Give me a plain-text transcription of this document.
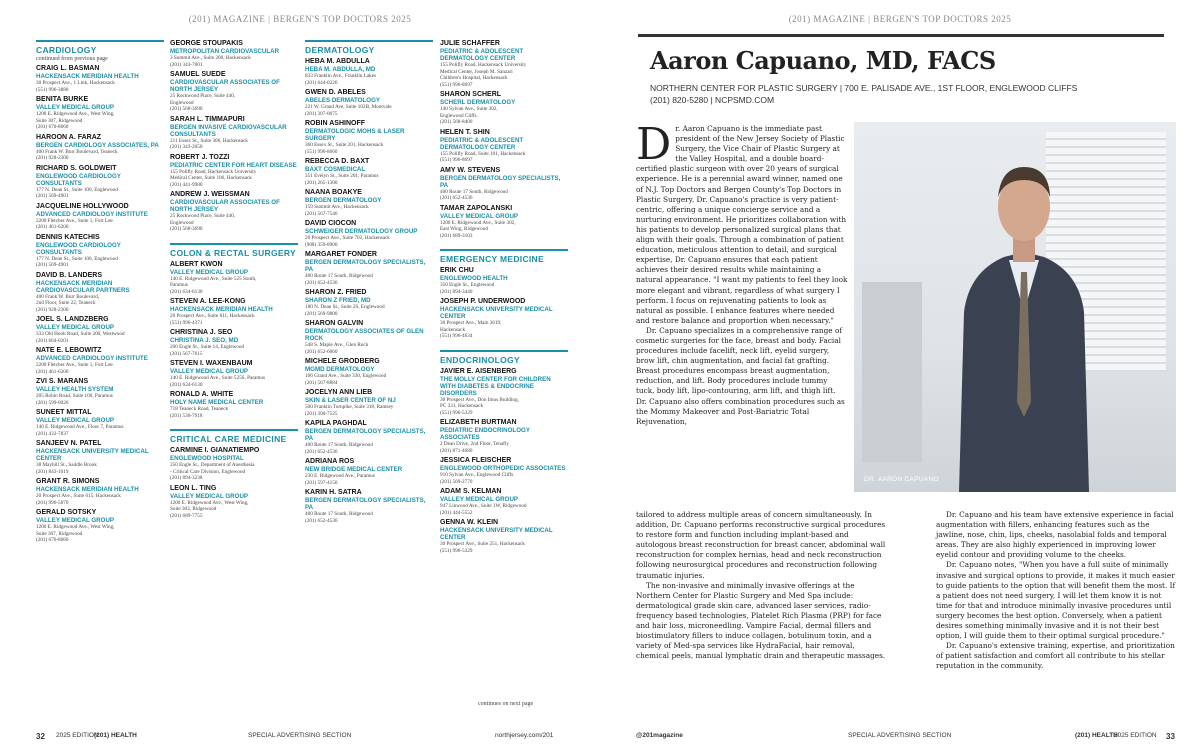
(201) MAGAZINE | BERGEN'S TOP DOCTORS 2025
CARDIOLOGY
continued from previous page
CRAIG L. BASMAN
HACKENSACK MERIDIAN HEALTH
30 Prospect Ave., 1 Link, Hackensack
(551) 996-3880
BENITA BURKE
VALLEY MEDICAL GROUP
1200 E. Ridgewood Ave., West Wing,
Suite 307, Ridgewood
(201) 670-8660
HAROON A. FARAZ
BERGEN CARDIOLOGY ASSOCIATES, PA
400 Frank W. Burr Boulevard, Teaneck
(201) 928-2300
RICHARD S. GOLDWEIT
ENGLEWOOD CARDIOLOGY CONSULTANTS
177 N. Dean St., Suite 100, Englewood
(201) 569-4901
JACQUELINE HOLLYWOOD
ADVANCED CARDIOLOGY INSTITUTE
2200 Fletcher Ave., Suite 1, Fort Lee
(201) 461-6200
DENNIS KATECHIS
ENGLEWOOD CARDIOLOGY CONSULTANTS
177 N. Dean St., Suite 100, Englewood
(201) 569-4901
DAVID B. LANDERS
HACKENSACK MERIDIAN CARDIOVASCULAR PARTNERS
400 Frank W. Burr Boulevard,
2nd Floor, Suite 22, Teaneck
(201) 928-2300
JOEL S. LANDZBERG
VALLEY MEDICAL GROUP
333 Old Hook Road, Suite 200, Westwood
(201) 664-0201
NATE E. LEBOWITZ
ADVANCED CARDIOLOGY INSTITUTE
2200 Fletcher Ave., Suite 1, Fort Lee
(201) 461-6200
ZVI S. MARANS
VALLEY HEALTH SYSTEM
205 Robin Road, Suite 100, Paramus
(201) 599-0026
SUNEET MITTAL
VALLEY MEDICAL GROUP
140 E. Ridgewood Ave., Floor 7, Paramus
(201) 432-7837
SANJEEV N. PATEL
HACKENSACK UNIVERSITY MEDICAL CENTER
38 Mayhill St., Saddle Brook
(201) 843-1019
GRANT R. SIMONS
HACKENSACK MERIDIAN HEALTH
20 Prospect Ave., Suite 615, Hackensack
(201) 996-5870
GERALD SOTSKY
VALLEY MEDICAL GROUP
1200 E. Ridgewood Ave., West Wing,
Suite 307, Ridgewood
(201) 670-8660
GEORGE STOUPAKIS
METROPOLITAN CARDIOVASCULAR
3 Summit Ave., Suite 200, Hackensack
(201) 343-7001
SAMUEL SUEDE
CARDIOVASCULAR ASSOCIATES OF NORTH JERSEY
25 Rockwood Place, Suite 440,
Englewood
(201) 568-3690
SARAH L. TIMMAPURI
BERGEN INVASIVE CARDIOVASCULAR CONSULTANTS
211 Essex St., Suite 306, Hackensack
(201) 343-2050
ROBERT J. TOZZI
PEDIATRIC CENTER FOR HEART DISEASE
155 Polifly Road, Hackensack University
Medical Center, Suite 106, Hackensack
(201) 441-9980
ANDREW J. WEISSMAN
CARDIOVASCULAR ASSOCIATES OF NORTH JERSEY
25 Rockwood Place, Suite 440,
Englewood
(201) 568-3690
COLON & RECTAL SURGERY
ALBERT KWON
VALLEY MEDICAL GROUP
140 E. Ridgewood Ave., Suite 525 South,
Paramus
(201) 634-6130
STEVEN A. LEE-KONG
HACKENSACK MERIDIAN HEALTH
20 Prospect Ave., Suite 811, Hackensack
(551) 996-4371
CHRISTINA J. SEO
CHRISTINA J. SEO, MD
200 Engle St., Suite 14, Englewood
(201) 567-7615
STEVEN I. WAXENBAUM
VALLEY MEDICAL GROUP
140 E. Ridgewood Ave., Suite 525S, Paramus
(201) 634-6130
RONALD A. WHITE
HOLY NAME MEDICAL CENTER
718 Teaneck Road, Teaneck
(201) 530-7918
CRITICAL CARE MEDICINE
CARMINE I. GIANATIEMPO
ENGLEWOOD HOSPITAL
350 Engle St., Department of Anesthesia
- Critical Care Division, Englewood
(201) 894-3238
LEON L. TING
VALLEY MEDICAL GROUP
1200 E. Ridgewood Ave., West Wing,
Suite 303, Ridgewood
(201) 689-7755
DERMATOLOGY
HEBA M. ABDULLA
HEBA M. ABDULLA, MD
833 Franklin Ave., Franklin Lakes
(201) 644-0226
GWEN D. ABELES
ABELES DERMATOLOGY
221 W. Grand Ave, Suite 102B, Montvale
(201) 307-0075
ROBIN ASHINOFF
DERMATOLOGIC MOHS & LASER SURGERY
360 Essex St., Suite 201, Hackensack
(551) 996-8660
REBECCA D. BAXT
BAXT COSMEDICAL
351 Evelyn St., Suite 201, Paramus
(201) 265-1300
NAANA BOAKYE
BERGEN DERMATOLOGY
159 Summit Ave., Hackensack
(201) 567-7546
DAVID CIOCON
SCHWEIGER DERMATOLOGY GROUP
20 Prospect Ave., Suite 702, Hackensack
(908) 359-8900
MARGARET FONDER
BERGEN DERMATOLOGY SPECIALISTS, PA
400 Route 17 South, Ridgewood
(201) 652-4536
SHARON Z. FRIED
SHARON Z FRIED, MD
180 N. Dean St., Suite 2S, Englewood
(201) 569-9800
SHARON GALVIN
DERMATOLOGY ASSOCIATES OF GLEN ROCK
548 S. Maple Ave., Glen Rock
(201) 652-6060
MICHELE GRODBERG
MGMD DERMATOLOGY
106 Grand Ave., Suite 330, Englewood
(201) 567-8884
JOCELYN ANN LIEB
SKIN & LASER CENTER OF NJ
500 Franklin Turnpike, Suite 318, Ramsey
(201) 300-7525
KAPILA PAGHDAL
BERGEN DERMATOLOGY SPECIALISTS, PA
400 Route 17 South, Ridgewood
(201) 652-4536
ADRIANA ROS
NEW BRIDGE MEDICAL CENTER
230 E. Ridgewood Ave., Paramus
(201) 597-4150
KARIN H. SATRA
BERGEN DERMATOLOGY SPECIALISTS, PA
400 Route 17 South, Ridgewood
(201) 652-4536
JULIE SCHAFFER
PEDIATRIC & ADOLESCENT DERMATOLOGY CENTER
155 Polifly Road, Hackensack University
Medical Center, Joseph M. Sanzari
Children's Hospital, Hackensack
(551) 996-8697
SHARON SCHERL
SCHERL DERMATOLOGY
140 Sylvan Ave., Suite 302,
Englewood Cliffs
(201) 568-8400
HELEN T. SHIN
PEDIATRIC & ADOLESCENT DERMATOLOGY CENTER
155 Polifly Road, Suite 101, Hackensack
(551) 996-8697
AMY W. STEVENS
BERGEN DERMATOLOGY SPECIALISTS, PA
400 Route 17 South, Ridgewood
(201) 652-4536
TAMAR ZAPOLANSKI
VALLEY MEDICAL GROUP
1200 E. Ridgewood Ave., Suite 302,
East Wing, Ridgewood
(201) 689-3103
EMERGENCY MEDICINE
ERIK CHU
ENGLEWOOD HEALTH
350 Engle St., Englewood
(201) 894-3440
JOSEPH P. UNDERWOOD
HACKENSACK UNIVERSITY MEDICAL CENTER
30 Prospect Ave., Main 3619,
Hackensack
(551) 996-4634
ENDOCRINOLOGY
JAVIER E. AISENBERG
THE MOLLY CENTER FOR CHILDREN WITH DIABETES & ENDOCRINE DISORDERS
30 Prospect Ave., Don Imus Building,
PC 331, Hackensack
(551) 996-5329
ELIZABETH BURTMAN
PEDIATRIC ENDOCRINOLOGY ASSOCIATES
2 Dean Drive, 2nd Floor, Tenafly
(201) 871-4680
JESSICA FLEISCHER
ENGLEWOOD ORTHOPEDIC ASSOCIATES
910 Sylvan Ave., Englewood Cliffs
(201) 569-2770
ADAM S. KELMAN
VALLEY MEDICAL GROUP
947 Linwood Ave., Suite 1W, Ridgewood
(201) 444-5552
GENNA W. KLEIN
HACKENSACK UNIVERSITY MEDICAL CENTER
30 Prospect Ave., Suite 251, Hackensack
(551) 996-5329
continues on next page
32 2025 EDITION
(201) HEALTH	SPECIAL ADVERTISING SECTION	northjersey.com/201
(201) MAGAZINE | BERGEN'S TOP DOCTORS 2025
Aaron Capuano, MD, FACS
NORTHERN CENTER FOR PLASTIC SURGERY | 700 E. PALISADE AVE., 1ST FLOOR, ENGLEWOOD CLIFFS
(201) 820-5280 | NCPSMD.COM
D r. Aaron Capuano is the immediate past president of the New Jersey Society of Plastic Surgery, the Vice Chair of Plastic Surgery at the Valley Hospital, and a double board-certified plastic surgeon with over 20 years of surgical experience. He is a perennial award winner, named one of N.J. Top Doctors and Bergen County's Top Doctors in Plastic Surgery. Dr. Capuano's practice is very patient-centric, offering a unique concierge service and a nurturing environment. He prioritizes collaboration with his patients to develop personalized surgical plans that align with their goals. Through a combination of patient education, meticulous attention to detail, and surgical expertise, Dr. Capuano ensures that each patient achieves their desired results while maintaining a natural appearance. "I want my patients to feel they look more elegant and vibrant, regardless of what surgery I perform. I focus on rejuvenating patients to look as natural as possible. I enhance features where needed and restore balance and proportion when necessary."

Dr. Capuano specializes in a comprehensive range of cosmetic surgeries for the face, breast and body. Facial procedures include facelift, neck lift, eyelid surgery, brow lift, chin augmentation, and facial fat grafting. Breast procedures encompass breast augmentation, reduction, and lift. Body procedures include tummy tuck, body lift, lipo-contouring, arm lift, and thigh lift. Dr. Capuano also offers combination procedures such as the Mommy Makeover and Post-Bariatric Total Rejuvenation,

DR. AARON CAPUANO

tailored to address multiple areas of concern simultaneously. In addition, Dr. Capuano performs reconstructive surgical procedures to restore form and function including implant-based and autologous breast reconstruction for breast cancer, abdominal wall reconstruction for complex hernias, head and neck reconstruction following neurosurgical procedures and reconstruction following traumatic injuries.

The non-invasive and minimally invasive offerings at the Northern Center for Plastic Surgery and Med Spa include: dermatological grade skin care, advanced laser services, radio-frequency based technologies, Platelet Rich Plasma (PRP) for face and hair loss, microneedling. Vampire Facial, dermal fillers and biostimulatory fillers to induce collagen, botulinum toxin, and a variety of Med-spa services like HydraFacial, hair removal, chemical peels, manual lymphatic drain and therapeutic massages.

Dr. Capuano and his team have extensive experience in facial augmentation with fillers, enhancing features such as the jawline, nose, chin, lips, cheeks, nasolabial folds and temporal areas. They are also highly experienced in improving lower eyelid contour and providing volume to the cheeks.

Dr. Capuano notes, "When you have a full suite of minimally invasive and surgical options to provide, it makes it much easier to guide patients to the option that will benefit them the most. If a patient does not need surgery, I will let them know it is not time for that and introduce minimally invasive procedures until surgery becomes the best option. Conversely, when a patient desires something minimally invasive and it is not their best option, I will guide them to their optimal surgical procedure."

Dr. Capuano's extensive training, expertise, and prioritization of patient satisfaction and comfort all contribute to his stellar reputation in the community.

@201magazine	SPECIAL ADVERTISING SECTION	(201) HEALTH
2025 EDITION 33
